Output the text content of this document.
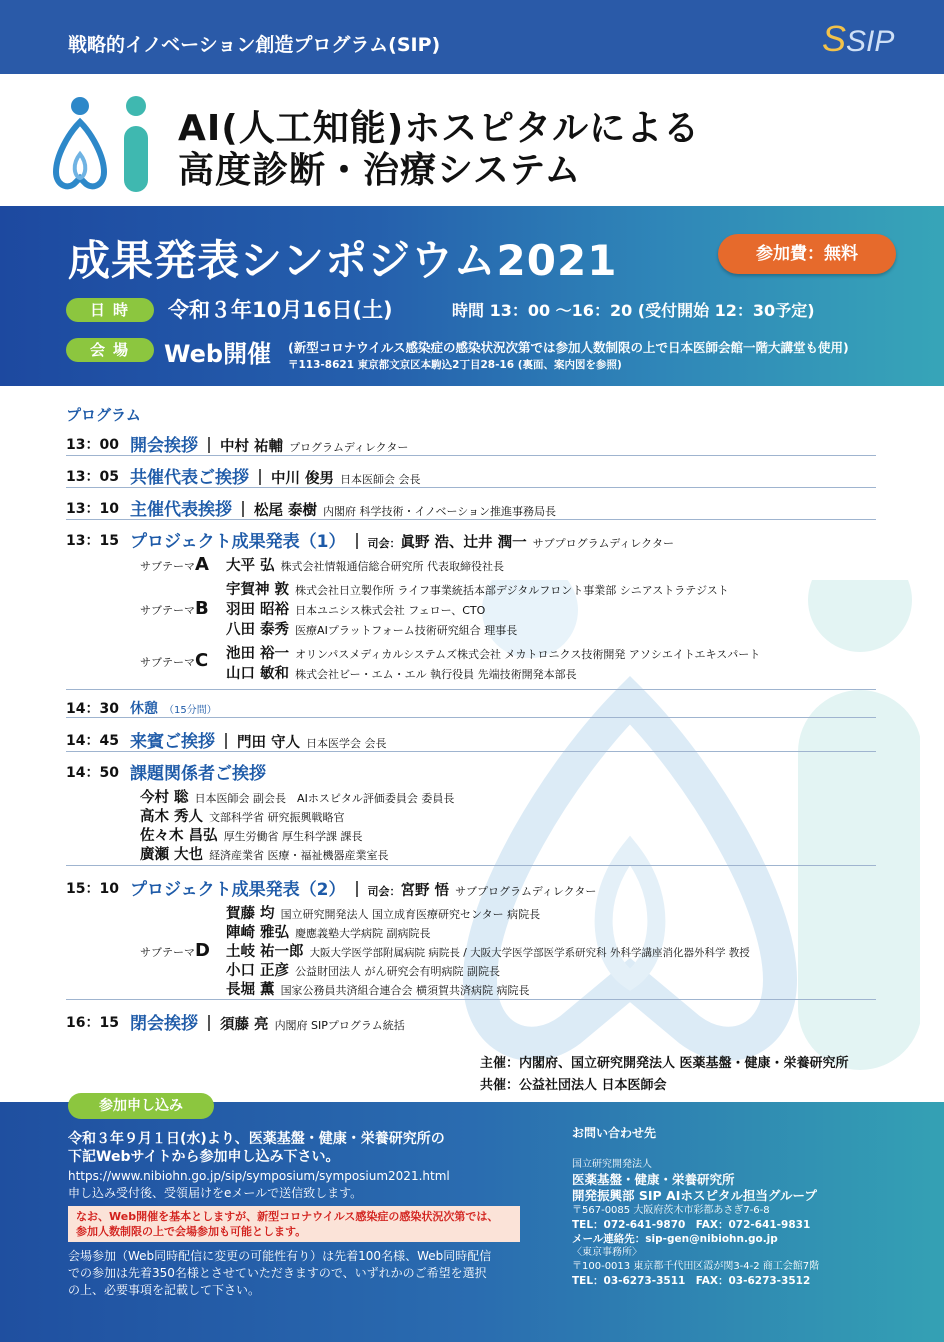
戦略的イノベーション創造プログラム(SIP)	SSIP
AI(人工知能)ホスピタルによる
高度診断・治療システム
成果発表シンポジウム2021	参加費：無料
日時	令和３年10月16日(土)	時間 13：00 〜16：20 (受付開始 12：30予定)
会場	Web開催 (新型コロナウイルス感染症の感染状況次第では参加人数制限の上で日本医師会館一階大講堂も使用)
〒113-8621 東京都文京区本駒込2丁目28-16 (裏面、案内図を参照)
プログラム
13：00 開会挨拶 中村 祐輔 プログラムディレクター
13：05 共催代表ご挨拶 中川 俊男 日本医師会 会長
13：10 主催代表挨拶 松尾 泰樹 内閣府 科学技術・イノベーション推進事務局長
13：15 プロジェクト成果発表（1） 司会：眞野 浩、辻井 潤一 サブプログラムディレクター
サブテーマA 大平 弘 株式会社情報通信総合研究所 代表取締役社長
サブテーマB
宇賀神 敦 株式会社日立製作所 ライフ事業統括本部デジタルフロント事業部 シニアストラテジスト
羽田 昭裕 日本ユニシス株式会社 フェロー、CTO
八田 泰秀 医療AIプラットフォーム技術研究組合 理事長
サブテーマC 池田 裕一 オリンパスメディカルシステムズ株式会社 メカトロニクス技術開発 アソシエイトエキスパート
山口 敏和 株式会社ビー・エム・エル 執行役員 先端技術開発本部長
14：30 休憩 （15分間）
14：45 来賓ご挨拶 門田 守人 日本医学会 会長
14：50 課題関係者ご挨拶
今村 聡 日本医師会 副会長　AIホスピタル評価委員会 委員長
高木 秀人 文部科学省 研究振興戦略官
佐々木 昌弘 厚生労働省 厚生科学課 課長
廣瀬 大也 経済産業省 医療・福祉機器産業室長
15：10 プロジェクト成果発表（2） 司会：宮野 悟 サブプログラムディレクター
サブテーマD
賀藤 均 国立研究開発法人 国立成育医療研究センター 病院長
陣崎 雅弘 慶應義塾大学病院 副病院長
土岐 祐一郎 大阪大学医学部附属病院 病院長 / 大阪大学医学部医学系研究科 外科学講座消化器外科学 教授
小口 正彦 公益財団法人 がん研究会有明病院 副院長
長堀 薫 国家公務員共済組合連合会 横須賀共済病院 病院長
16：15 閉会挨拶 須藤 亮 内閣府 SIPプログラム統括
主催：内閣府、国立研究開発法人 医薬基盤・健康・栄養研究所
共催：公益社団法人 日本医師会
参加申し込み
令和３年９月１日(水)より、医薬基盤・健康・栄養研究所の
下記Webサイトから参加申し込み下さい。
https://www.nibiohn.go.jp/sip/symposium/symposium2021.html
申し込み受付後、受領届けをeメールで送信致します。
なお、Web開催を基本としますが、新型コロナウイルス感染症の感染状況次第では、
参加人数制限の上で会場参加も可能とします。
会場参加（Web同時配信に変更の可能性有り）は先着100名様、Web同時配信
での参加は先着350名様とさせていただきますので、いずれかのご希望を選択
の上、必要事項を記載して下さい。
お問い合わせ先
国立研究開発法人
医薬基盤・健康・栄養研究所
開発振興部 SIP AIホスピタル担当グループ
〒567-0085 大阪府茨木市彩都あさぎ7-6-8
TEL：072-641-9870　FAX：072-641-9831
メール連絡先：sip-gen@nibiohn.go.jp
〈東京事務所〉
〒100-0013 東京都千代田区霞が関3-4-2 商工会館7階
TEL：03-6273-3511　FAX：03-6273-3512
